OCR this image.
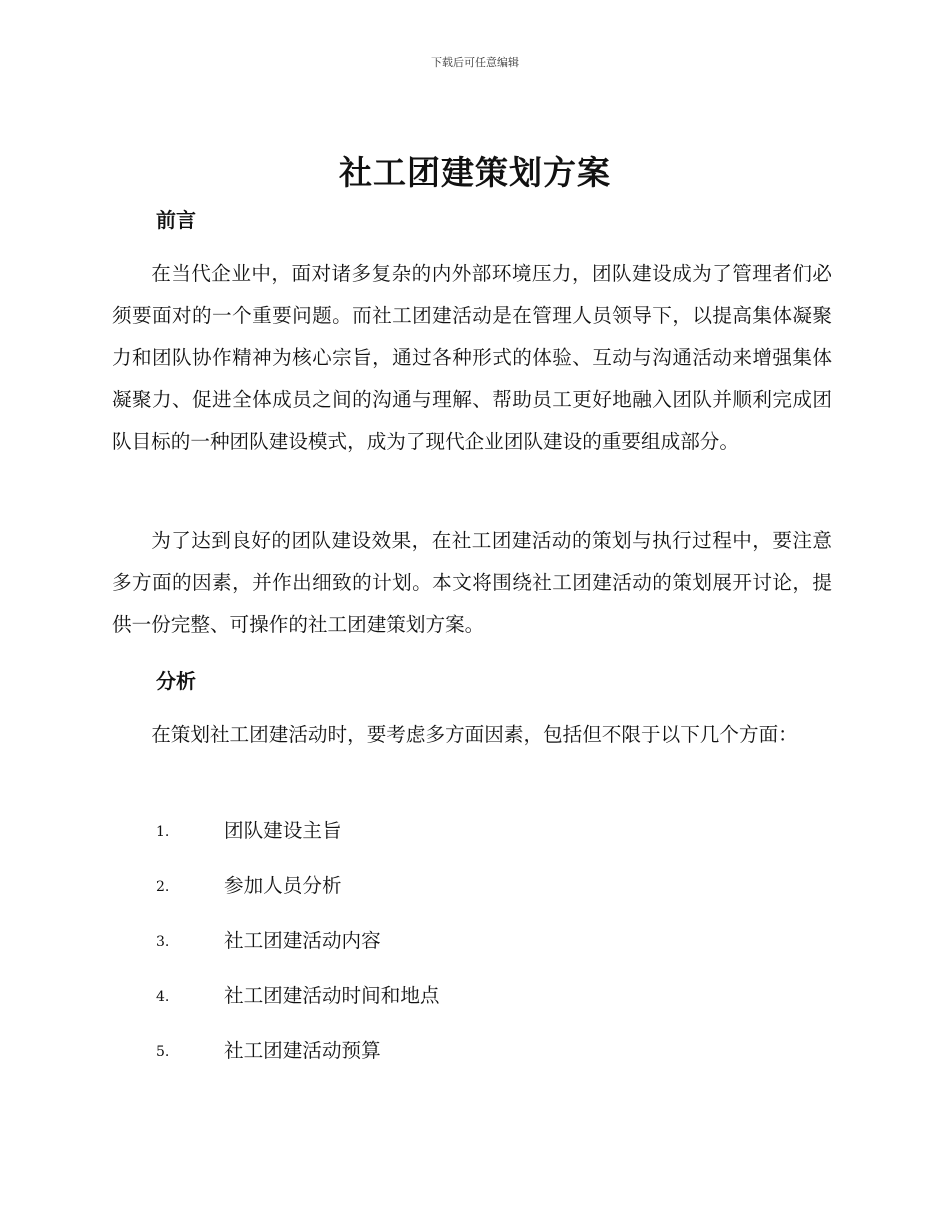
下载后可任意编辑
社工团建策划方案
前言

在当代企业中，面对诸多复杂的内外部环境压力，团队建设成为了管理者们必须要面对的一个重要问题。而社工团建活动是在管理人员领导下，以提高集体凝聚力和团队协作精神为核心宗旨，通过各种形式的体验、互动与沟通活动来增强集体凝聚力、促进全体成员之间的沟通与理解、帮助员工更好地融入团队并顺利完成团队目标的一种团队建设模式，成为了现代企业团队建设的重要组成部分。

为了达到良好的团队建设效果，在社工团建活动的策划与执行过程中，要注意多方面的因素，并作出细致的计划。本文将围绕社工团建活动的策划展开讨论，提供一份完整、可操作的社工团建策划方案。

分析

在策划社工团建活动时，要考虑多方面因素，包括但不限于以下几个方面：

1.	团队建设主旨
2.	参加人员分析
3.	社工团建活动内容
4.	社工团建活动时间和地点
5.	社工团建活动预算
